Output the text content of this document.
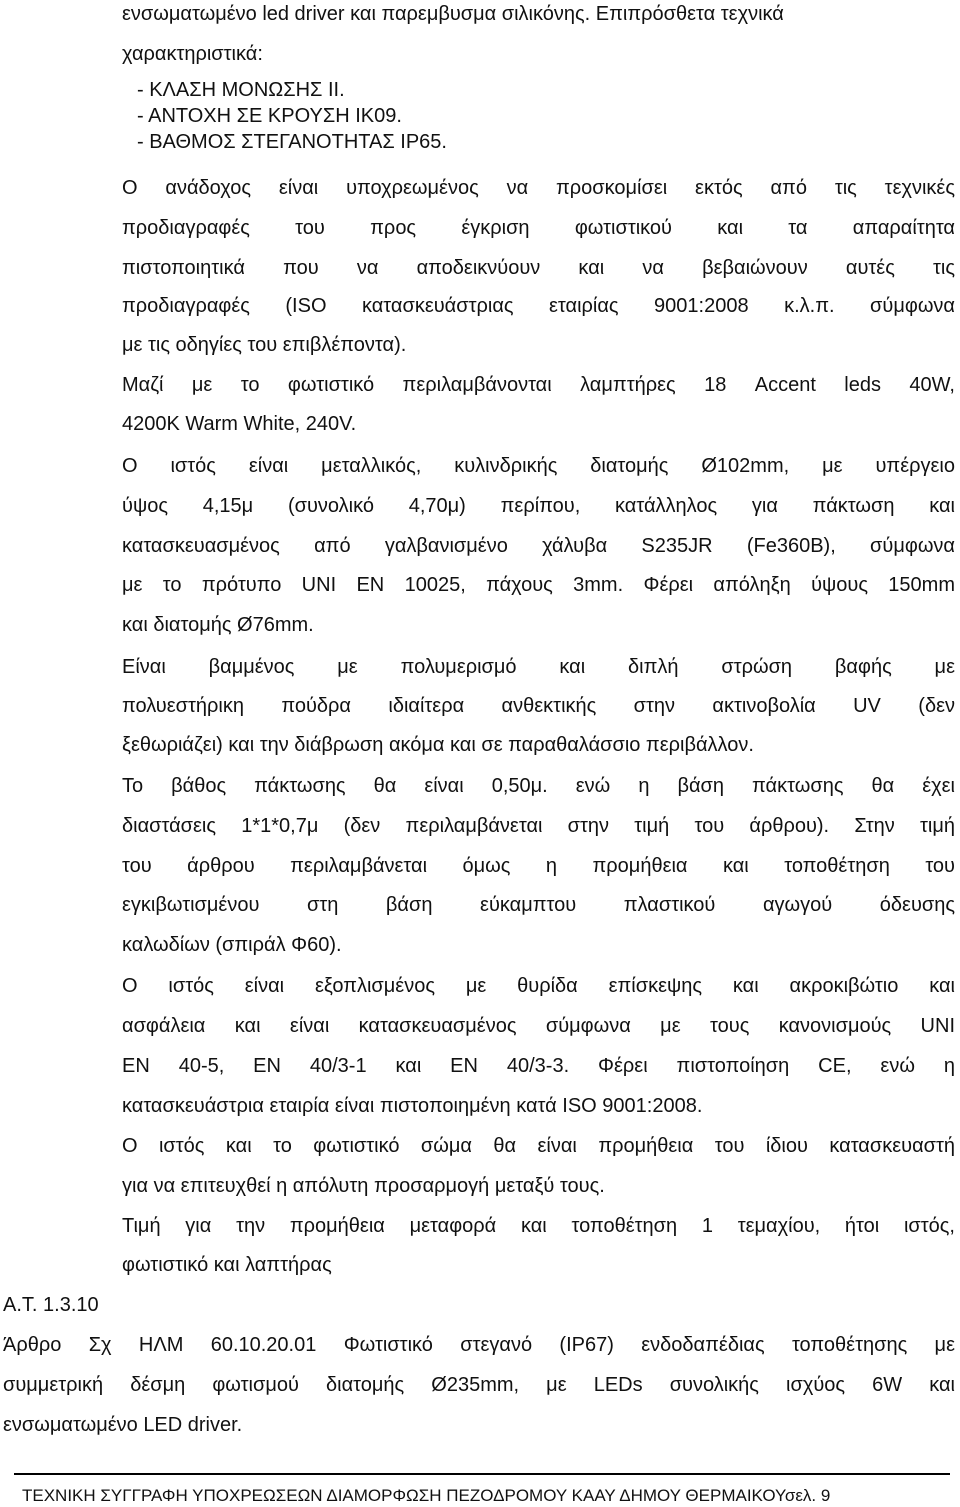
ενσωματωμένο led driver και παρεμβυσμα σιλικόνης. Επιπρόσθετα τεχνικά
χαρακτηριστικά:
- ΚΛΑΣΗ ΜΟΝΩΣΗΣ ΙΙ.
- ΑΝΤΟΧΗ ΣΕ ΚΡΟΥΣΗ ΙΚ09.
- ΒΑΘΜΟΣ ΣΤΕΓΑΝΟΤΗΤΑΣ ΙΡ65.
Ο ανάδοχος είναι υποχρεωμένος να προσκομίσει εκτός από τις τεχνικές
προδιαγραφές του προς έγκριση φωτιστικού και τα απαραίτητα
πιστοποιητικά που να αποδεικνύουν και να βεβαιώνουν αυτές τις
προδιαγραφές (ISO κατασκευάστριας εταιρίας 9001:2008 κ.λ.π. σύμφωνα
με τις οδηγίες του επιβλέποντα).
Μαζί με το φωτιστικό περιλαμβάνονται λαμπτήρες 18 Accent leds 40W,
4200K Warm White, 240V.
Ο ιστός είναι μεταλλικός, κυλινδρικής διατομής Ø102mm, με υπέργειο
ύψος 4,15μ (συνολικό 4,70μ) περίπου, κατάλληλος για πάκτωση και
κατασκευασμένος από γαλβανισμένο χάλυβα S235JR (Fe360B), σύμφωνα
με το πρότυπο UNI EN 10025, πάχους 3mm. Φέρει απόληξη ύψους 150mm
και διατομής Ø76mm.
Είναι βαμμένος με πολυμερισμό και διπλή στρώση βαφής με
πολυεστήρικη πούδρα ιδιαίτερα ανθεκτικής στην ακτινοβολία UV (δεν
ξεθωριάζει) και την διάβρωση ακόμα και σε παραθαλάσσιο περιβάλλον.
Το βάθος πάκτωσης θα είναι 0,50μ. ενώ η βάση πάκτωσης θα έχει
διαστάσεις 1*1*0,7μ (δεν περιλαμβάνεται στην τιμή του άρθρου). Στην τιμή
του άρθρου περιλαμβάνεται όμως η προμήθεια και τοποθέτηση του
εγκιβωτισμένου στη βάση εύκαμπτου πλαστικού αγωγού όδευσης
καλωδίων (σπιράλ Φ60).
Ο ιστός είναι εξοπλισμένος με θυρίδα επίσκεψης και ακροκιβώτιο και
ασφάλεια και είναι κατασκευασμένος σύμφωνα με τους κανονισμούς UNI
EN 40-5, EN 40/3-1 και EN 40/3-3. Φέρει πιστοποίηση CE, ενώ η
κατασκευάστρια εταιρία είναι πιστοποιημένη κατά ISO 9001:2008.
Ο ιστός και το φωτιστικό σώμα θα είναι προμήθεια του ίδιου κατασκευαστή
για να επιτευχθεί η απόλυτη προσαρμογή μεταξύ τους.
Τιμή για την προμήθεια μεταφορά και τοποθέτηση 1 τεμαχίου, ήτοι ιστός,
φωτιστικό και λαπτήρας
Α.Τ. 1.3.10
Άρθρο Σχ ΗΛΜ 60.10.20.01 Φωτιστικό στεγανό (ΙΡ67) ενδοδαπέδιας τοποθέτησης με
συμμετρική δέσμη φωτισμού διατομής Ø235mm, με LEDs συνολικής ισχύος 6W και
ενσωματωμένο LED driver.
ΤΕΧΝΙΚΗ ΣΥΓΓΡΑΦΗ ΥΠΟΧΡΕΩΣΕΩΝ ΔΙΑΜΟΡΦΩΣΗ ΠΕΖΟΔΡΟΜΟΥ ΚΑΑΥ ΔΗΜΟΥ ΘΕΡΜΑΙΚΟΥσελ. 9
